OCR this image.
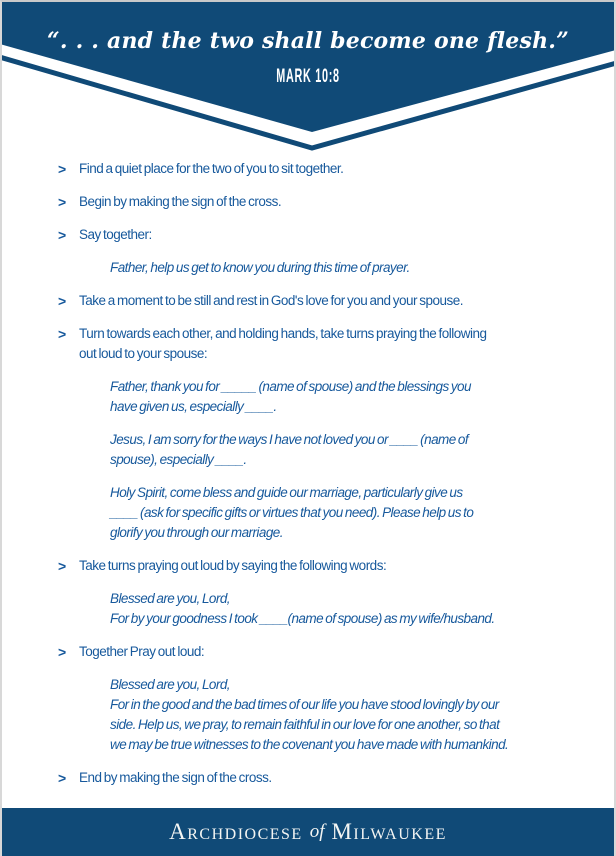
“. . . and the two shall become one flesh.”
MARK 10:8
> Find a quiet place for the two of you to sit together.
> Begin by making the sign of the cross.
> Say together:
Father, help us get to know you during this time of prayer.
> Take a moment to be still and rest in God's love for you and your spouse.
> Turn towards each other, and holding hands, take turns praying the following
out loud to your spouse:
Father, thank you for _____ (name of spouse) and the blessings you
have given us, especially ____.
Jesus, I am sorry for the ways I have not loved you or ____ (name of
spouse), especially ____.
Holy Spirit, come bless and guide our marriage, particularly give us
____ (ask for specific gifts or virtues that you need). Please help us to
glorify you through our marriage.
> Take turns praying out loud by saying the following words:
Blessed are you, Lord,
For by your goodness I took ____(name of spouse) as my wife/husband.
> Together Pray out loud:
Blessed are you, Lord,
For in the good and the bad times of our life you have stood lovingly by our
side. Help us, we pray, to remain faithful in our love for one another, so that
we may be true witnesses to the covenant you have made with humankind.
> End by making the sign of the cross.
Archdiocese of milwaukee
